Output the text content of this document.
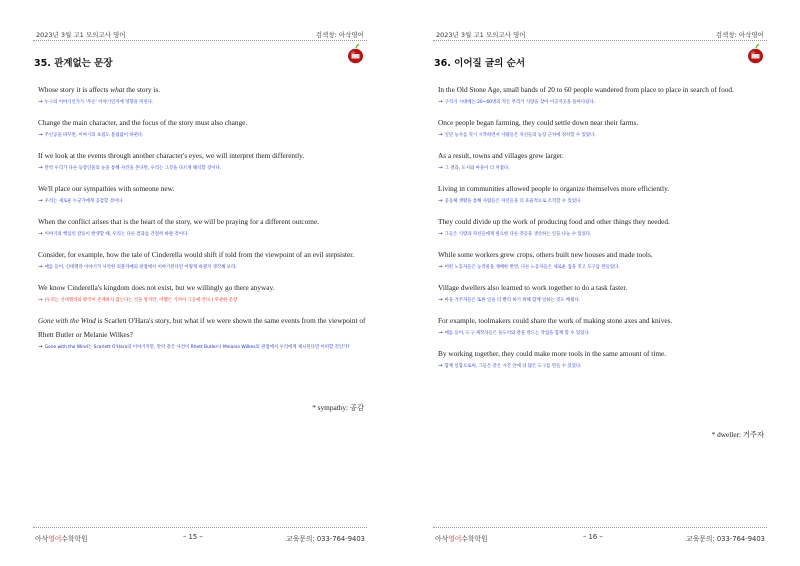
2023년 3월 고1 모의고사 영어	검색창: 아삭영어
35. 관계없는 문장
Whose story it is affects what the story is.
→ 누구의 이야기인가가 ‘무슨’ 이야기인지에 영향을 미친다.
Change the main character, and the focus of the story must also change.
→ 주인공을 바꾸면, 이야기의 초점도 틀림없이 바뀐다.
If we look at the events through another character's eyes, we will interpret them differently.
→ 만약 우리가 다른 등장인물의 눈을 통해 사건을 본다면, 우리는 그것을 다르게 해석할 것이다.
We'll place our sympathies with someone new.
→ 우리는 새로운 누군가에게 공감할 것이다.
When the conflict arises that is the heart of the story, we will be praying for a different outcome.
→ 이야기의 핵심인 갈등이 발생할 때, 우리는 다른 결과를 간절히 바랄 것이다.
Consider, for example, how the tale of Cinderella would shift if told from the viewpoint of an evil stepsister.
→ 예를 들어, 신데렐라 이야기가 사악한 의붓자매의 관점에서 이야기된다면 어떻게 바뀔지 생각해 보라.
We know Cinderella's kingdom does not exist, but we willingly go there anyway.
→ (우리는 신데렐라의 왕국이 존재하지 않는다는 것을 알지만, 어쨌든 기꺼이 그곳에 간다.) 무관한 문장
Gone with the Wind is Scarlett O'Hara's story, but what if we were shown the same events from the viewpoint of Rhett Butler or Melanie Wilkes?
→ Gone with the Wind는 Scarlett O'Hara의 이야기지만, 만약 같은 사건이 Rhett Butler나 Melanie Wilkes의 관점에서 우리에게 제시된다면 어떠할 것인가?
* sympathy: 공감
아삭영어수학학원	– 15 –	교육문의: 033-764-9403
2023년 3월 고1 모의고사 영어	검색창: 아삭영어
36. 이어질 글의 순서
In the Old Stone Age, small bands of 20 to 60 people wandered from place to place in search of food.
→ 구석기 시대에는 20~60명의 작은 무리가 식량을 찾아 이곳저곳을 돌아다녔다.
Once people began farming, they could settle down near their farms.
→ 일단 농사를 짓기 시작하면서 사람들은 자신들의 농장 근처에 정착할 수 있었다.
As a result, towns and villages grew larger.
→ 그 결과, 도시와 마을이 더 커졌다.
Living in communities allowed people to organize themselves more efficiently.
→ 공동체 생활을 통해 사람들은 자신들을 더 효율적으로 조직할 수 있었다.
They could divide up the work of producing food and other things they needed.
→ 그들은 식량과 자신들에게 필요한 다른 것들을 생산하는 일을 나눌 수 있었다.
While some workers grew crops, others built new houses and made tools.
→ 어떤 노동자들은 농작물을 재배한 반면, 다른 노동자들은 새로운 집을 짓고 도구를 만들었다.
Village dwellers also learned to work together to do a task faster.
→ 마을 거주자들은 또한 일을 더 빨리 하기 위해 함께 일하는 것도 배웠다.
For example, toolmakers could share the work of making stone axes and knives.
→ 예를 들어, 도구 제작자들은 돌도끼와 칼을 만드는 작업을 함께 할 수 있었다.
By working together, they could make more tools in the same amount of time.
→ 함께 일함으로써, 그들은 같은 시간 안에 더 많은 도구를 만들 수 있었다.
* dweller: 거주자
아삭영어수학학원	– 16 –	교육문의: 033-764-9403
